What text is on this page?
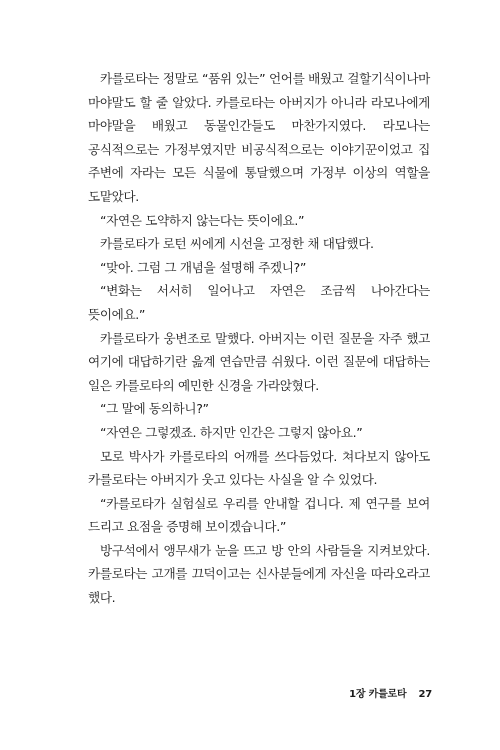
카를로타는 정말로 “품위 있는” 언어를 배웠고 걸할기식이나마 마야말도 할 줄 알았다. 카를로타는 아버지가 아니라 라모나에게 마야말을 배웠고 동물인간들도 마찬가지였다. 라모나는 공식적으로는 가정부였지만 비공식적으로는 이야기꾼이었고 집 주변에 자라는 모든 식물에 통달했으며 가정부 이상의 역할을 도맡았다.

“자연은 도약하지 않는다는 뜻이에요.”

카를로타가 로턴 씨에게 시선을 고정한 채 대답했다.

“맞아. 그럼 그 개념을 설명해 주겠니?”

“변화는 서서히 일어나고 자연은 조금씩 나아간다는 뜻이에요.”

카를로타가 웅변조로 말했다. 아버지는 이런 질문을 자주 했고 여기에 대답하기란 읊계 연습만큼 쉬웠다. 이런 질문에 대답하는 일은 카를로타의 예민한 신경을 가라앉혔다.

“그 말에 동의하니?”

“자연은 그렇겠죠. 하지만 인간은 그렇지 않아요.”

모로 박사가 카를로타의 어깨를 쓰다듬었다. 쳐다보지 않아도 카를로타는 아버지가 웃고 있다는 사실을 알 수 있었다.

“카를로타가 실험실로 우리를 안내할 겁니다. 제 연구를 보여 드리고 요점을 증명해 보이겠습니다.”

방구석에서 앵무새가 눈을 뜨고 방 안의 사람들을 지켜보았다. 카를로타는 고개를 끄덕이고는 신사분들에게 자신을 따라오라고 했다.

1장 카를로타 27
